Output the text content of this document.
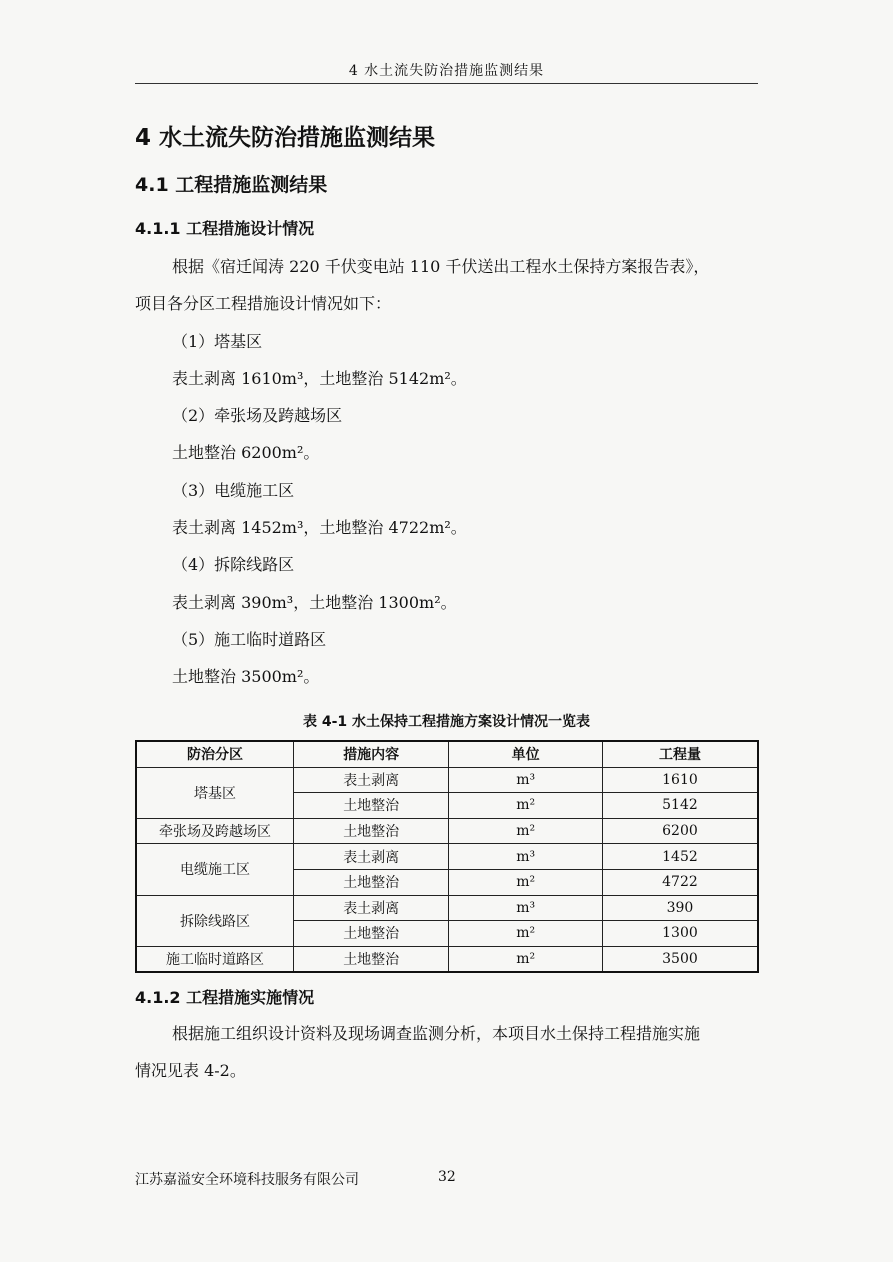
4 水土流失防治措施监测结果
4 水土流失防治措施监测结果
4.1 工程措施监测结果
4.1.1 工程措施设计情况
根据《宿迁闻涛 220 千伏变电站 110 千伏送出工程水土保持方案报告表》，
项目各分区工程措施设计情况如下：
（1）塔基区
表土剥离 1610m³，土地整治 5142m²。
（2）牵张场及跨越场区
土地整治 6200m²。
（3）电缆施工区
表土剥离 1452m³，土地整治 4722m²。
（4）拆除线路区
表土剥离 390m³，土地整治 1300m²。
（5）施工临时道路区
土地整治 3500m²。
表 4-1 水土保持工程措施方案设计情况一览表
防治分区	措施内容	单位	工程量
塔基区	表土剥离	m³	1610
	土地整治	m²	5142
牵张场及跨越场区	土地整治	m²	6200
电缆施工区	表土剥离	m³	1452
	土地整治	m²	4722
拆除线路区	表土剥离	m³	390
	土地整治	m²	1300
施工临时道路区	土地整治	m²	3500
4.1.2 工程措施实施情况
根据施工组织设计资料及现场调查监测分析，本项目水土保持工程措施实施
情况见表 4-2。
江苏嘉溢安全环境科技服务有限公司	32
